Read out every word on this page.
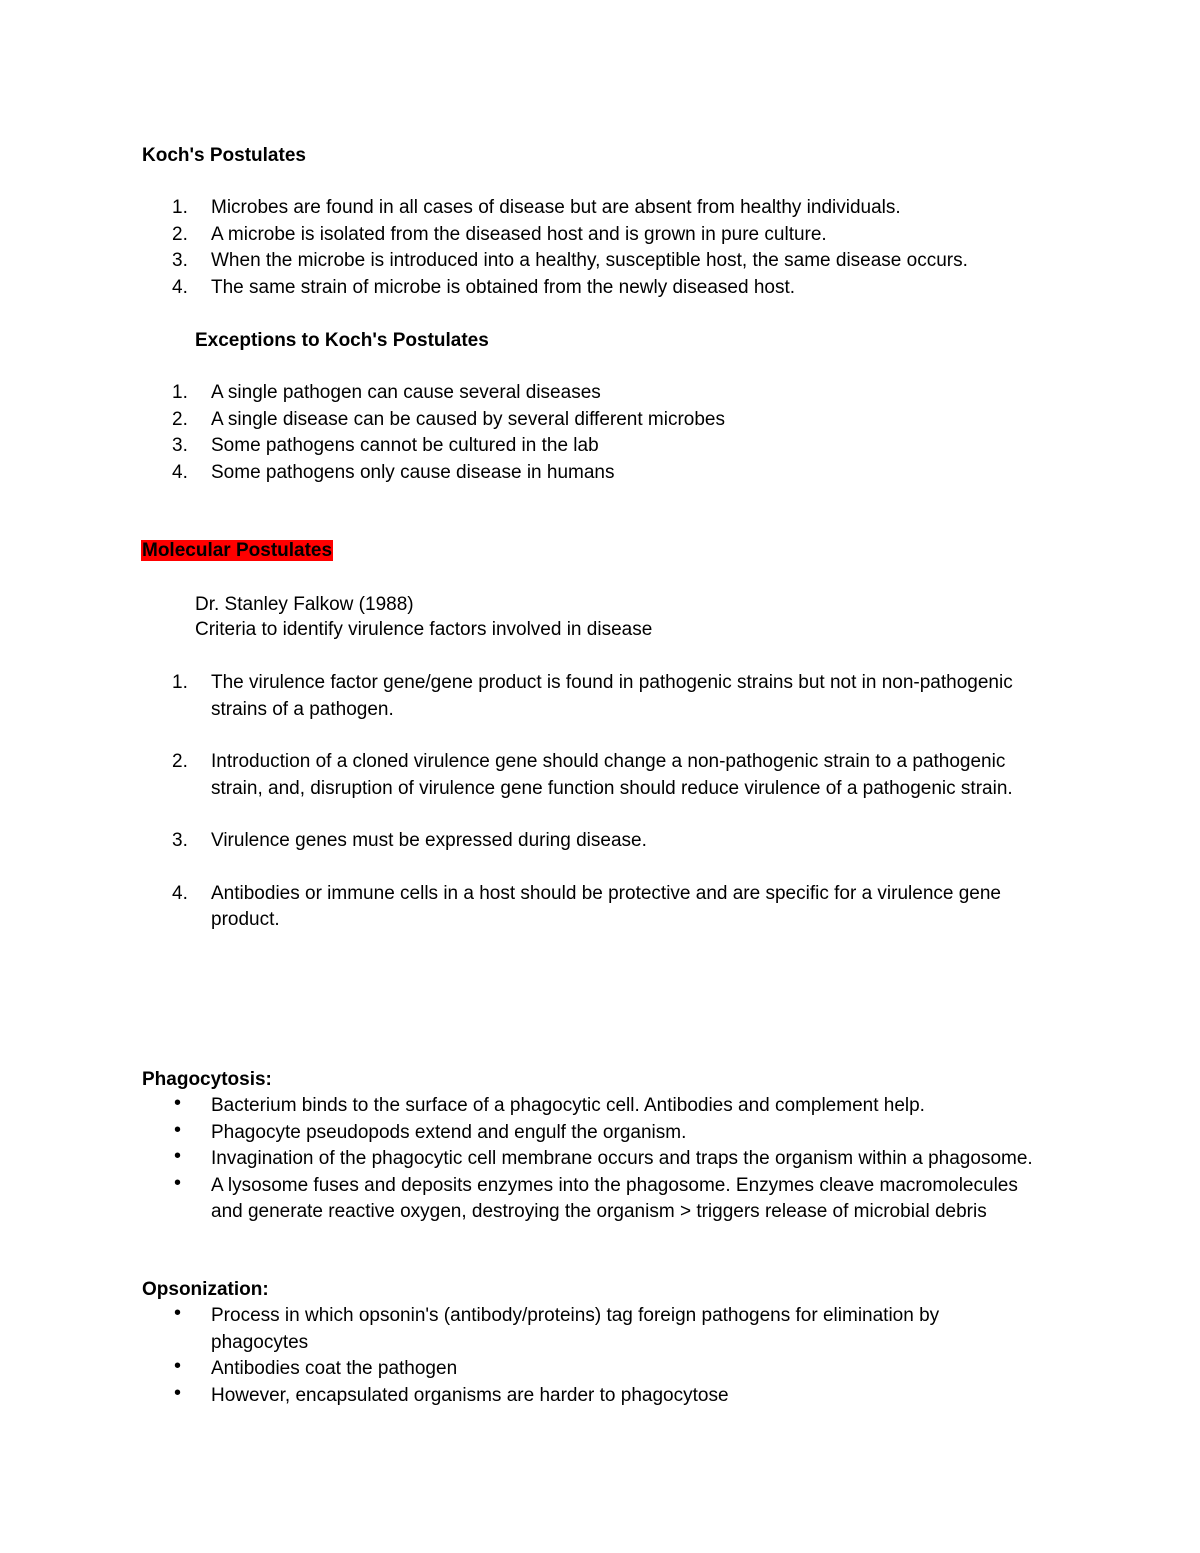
Koch's Postulates
1. Microbes are found in all cases of disease but are absent from healthy individuals.
2. A microbe is isolated from the diseased host and is grown in pure culture.
3. When the microbe is introduced into a healthy, susceptible host, the same disease occurs.
4. The same strain of microbe is obtained from the newly diseased host.
Exceptions to Koch's Postulates
1. A single pathogen can cause several diseases
2. A single disease can be caused by several different microbes
3. Some pathogens cannot be cultured in the lab
4. Some pathogens only cause disease in humans
Molecular Postulates
Dr. Stanley Falkow (1988)
Criteria to identify virulence factors involved in disease
1. The virulence factor gene/gene product is found in pathogenic strains but not in non-pathogenic strains of a pathogen.
2. Introduction of a cloned virulence gene should change a non-pathogenic strain to a pathogenic strain, and, disruption of virulence gene function should reduce virulence of a pathogenic strain.
3. Virulence genes must be expressed during disease.
4. Antibodies or immune cells in a host should be protective and are specific for a virulence gene product.
Phagocytosis:
• Bacterium binds to the surface of a phagocytic cell. Antibodies and complement help.
• Phagocyte pseudopods extend and engulf the organism.
• Invagination of the phagocytic cell membrane occurs and traps the organism within a phagosome.
• A lysosome fuses and deposits enzymes into the phagosome. Enzymes cleave macromolecules and generate reactive oxygen, destroying the organism > triggers release of microbial debris
Opsonization:
• Process in which opsonin's (antibody/proteins) tag foreign pathogens for elimination by phagocytes
• Antibodies coat the pathogen
• However, encapsulated organisms are harder to phagocytose
